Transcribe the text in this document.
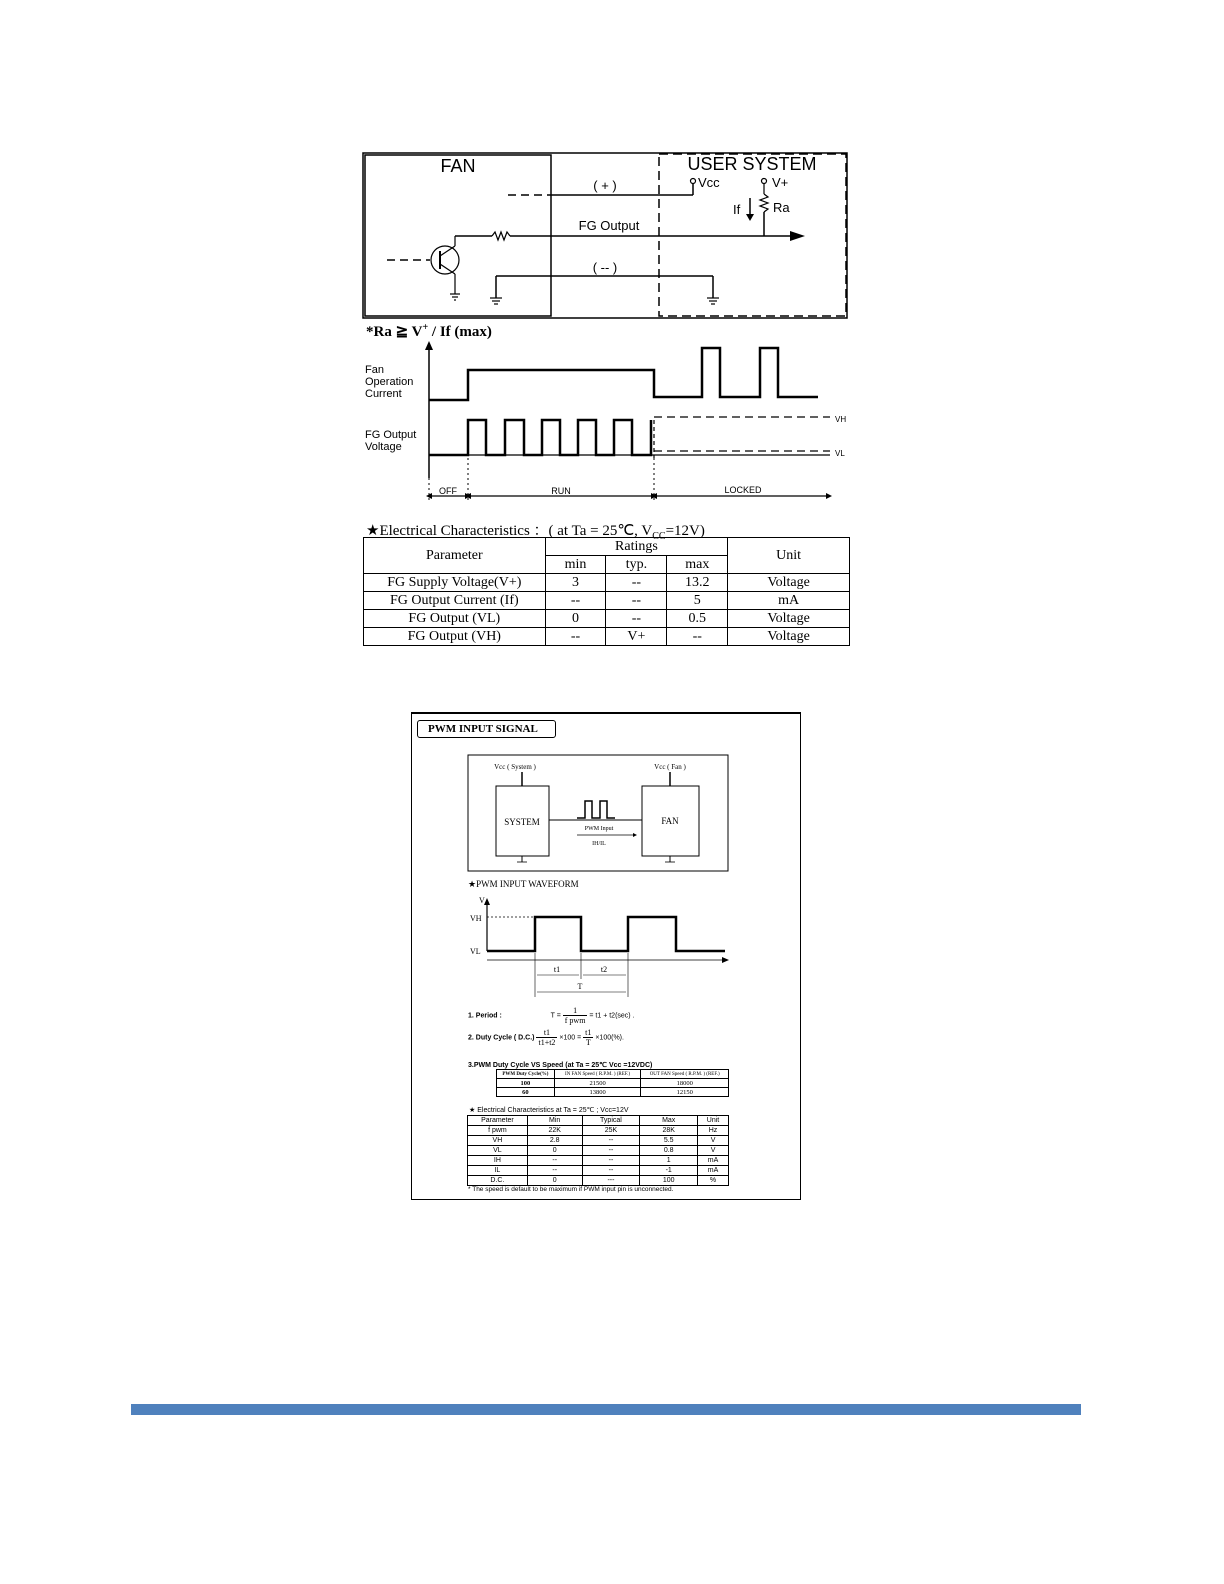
FAN	USER SYSTEM
( + )	Vcc	V+
Ra
If
FG Output
( -- )
*Ra ≧ V+ / If (max)
Fan Operation Current
FG Output Voltage
VH
VL
OFF	RUN	LOCKED
★Electrical Characteristics ：( at Ta = 25℃, $V_{CC}=12V$)
Parameter	Ratings			Unit
	min	typ.	max	
FG Supply Voltage(V+)	3	--	13.2	Voltage
FG Output Current (If)	--	--	5	mA
FG Output (VL)	0	--	0.5	Voltage
FG Output (VH)	--	V+	--	Voltage
PWM INPUT SIGNAL
Vcc ( System )
SYSTEM
Vcc ( Fan )
FAN
PWM Input
IH/IL
★PWM INPUT WAVEFORM
V
VH
VL
t1	t2
T
1. Period :	$T = \frac{1}{\text{f pwm}} = t1 + t2(\sec)$ .
2. Duty Cycle ( $D.C.) \frac{t1}{t1+t2} \times 100 = \frac{t1}{T} \times 100(\%)$.
3.PWM Duty Cycle VS Speed (at Ta = 25℃ Vcc =12VDC)
PWM Duty Cycle(%)	IN FAN Speed ( R.P.M. ) (REF.)	OUT FAN Speed ( R.P.M. ) (REF.)
100	21500	18000
60	13800	12150
★ Electrical Characteristics at Ta = 25℃ ; Vcc=12V
Parameter	Min	Typical	Max	Unit
f pwm	22K	25K	28K	Hz
VH	2.8	--	5.5	V
VL	0	--	0.8	V
IH	--	--	1	mA
IL	--	--	-1	mA
D.C.	0	---	100	%
* The speed is default to be maximum if PWM input pin is unconnected.
